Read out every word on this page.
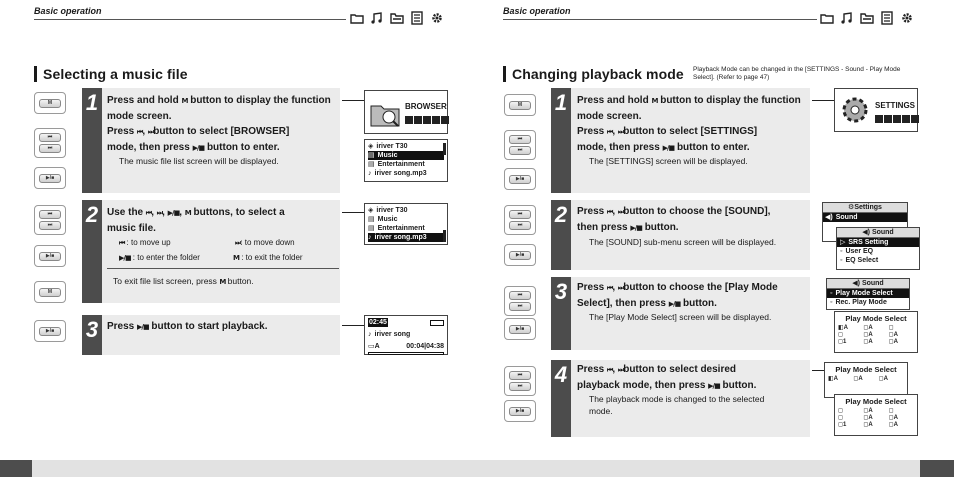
Basic operation	Basic operation
Selecting a music file
M
⏮
⏭
▶/■
1 Press and hold M button to display the function
mode screen.
Press ⏮, ⏭button to select [BROWSER]
mode, then press ▶/■ button to enter.
The music file list screen will be displayed.
BROWSER
◈ iriver T30
▤ Music
▤ Entertainment
♪ iriver song.mp3
⏮
⏭
▶/■
M
2 Use the ⏮, ⏭, ▶/■, M buttons, to select a
music file.
⏮ : to move up	⏭: to move down
▶/■ : to enter the folder	M : to exit the folder
To exit file list screen, press M button.
◈ iriver T30
▤ Music
▤ Entertainment
♪ iriver song.mp3
▶/■	3 Press ▶/■ button to start playback.	02:45
♪ iriver song
▭A	00:04|04:38
Changing playback mode Playback Mode can be changed in the [SETTINGS - Sound - Play Mode Select]. (Refer to page 47)
M
⏮
⏭
▶/■
1 Press and hold M button to display the function
mode screen.
Press ⏮, ⏭button to select [SETTINGS]
mode, then press ▶/■ button to enter.
The [SETTINGS] screen will be displayed.
SETTINGS
⏮
⏭
▶/■
2 Press ⏮, ⏭button to choose the [SOUND],
then press ▶/■ button.
The [SOUND] sub-menu screen will be displayed.
⚙Settings
◀) Sound
◀) Sound
▷ SRS Setting
◦ User EQ
◦ EQ Select
⏮
⏭
▶/■
3 Press ⏮, ⏭button to choose the [Play Mode
Select], then press ▶/■ button.
The [Play Mode Select] screen will be displayed.
◀) Sound
◦ Play Mode Select
◦ Rec. Play Mode
Play Mode Select
◧A	◻A	◻
◻	◻A	◻A
◻1	◻A	◻A
⏮
⏭
▶/■
4 Press ⏮, ⏭button to select desired
playback mode, then press ▶/■ button.
The playback mode is changed to the selected
mode.
Play Mode Select
◧A	◻A	◻A
Play Mode Select
◻	◻A	◻
◻	◻A	◻A
◻1	◻A	◻A
